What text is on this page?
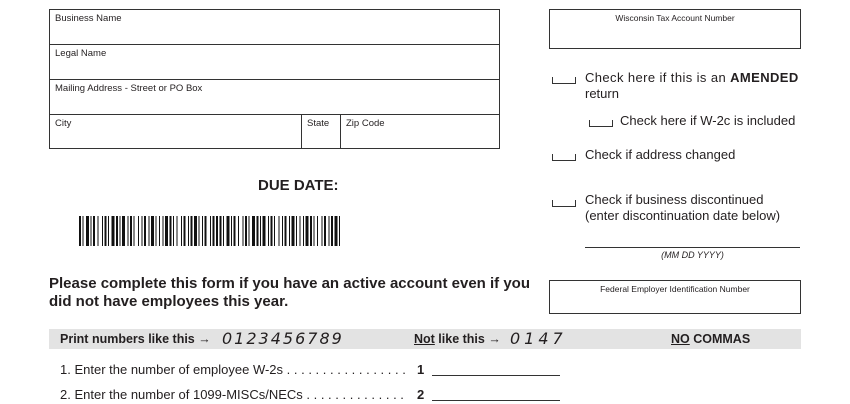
Business Name
Legal Name
Mailing Address - Street or PO Box
City	State Zip Code
DUE DATE:
Please complete this form if you have an active account even if you
did not have employees this year.
Wisconsin Tax Account Number
Check here if this is an AMENDED
return
Check here if W-2c is included
Check if address changed
Check if business discontinued
(enter discontinuation date below)
(MM DD YYYY)
Federal Employer Identification Number
Print numbers like this → 0123456789	Not like this → 0147	NO COMMAS
1. Enter the number of employee W-2s . . . . . . . . . . . . . . . . . 1
2. Enter the number of 1099-MISCs/NECs . . . . . . . . . . . . . . 2
